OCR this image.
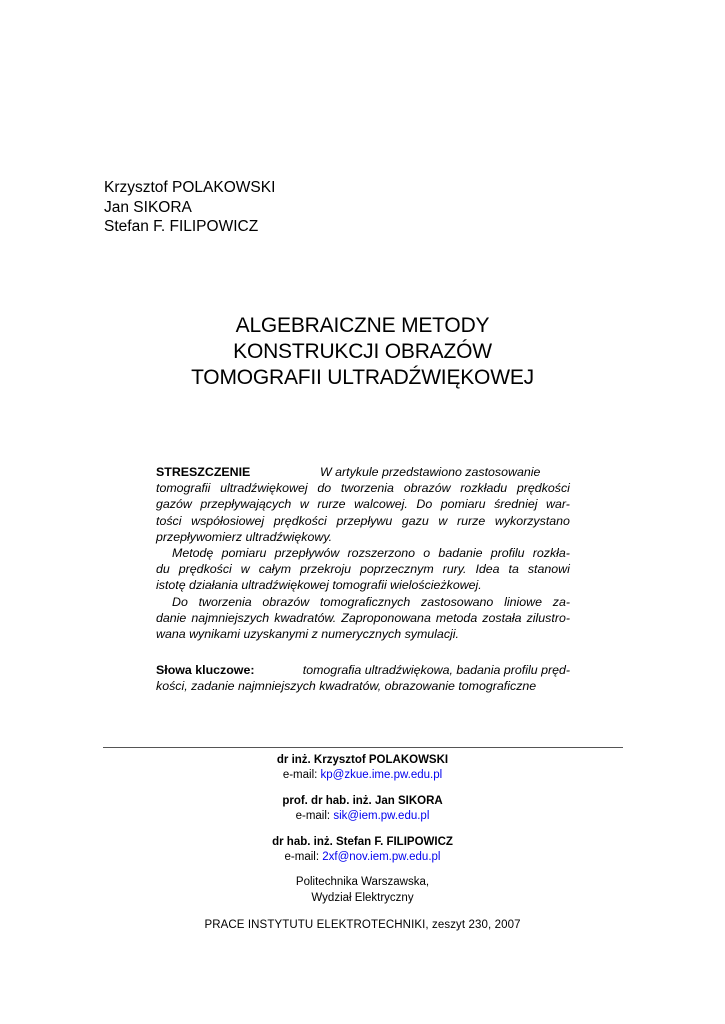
Krzysztof POLAKOWSKI
Jan SIKORA
Stefan F. FILIPOWICZ
ALGEBRAICZNE METODY
KONSTRUKCJI OBRAZÓW
TOMOGRAFII ULTRADŹWIĘKOWEJ
STRESZCZENIE	W artykule przedstawiono zastosowanie
tomografii ultradźwiękowej do tworzenia obrazów rozkładu prędkości
gazów przepływających w rurze walcowej. Do pomiaru średniej war-
tości współosiowej prędkości przepływu gazu w rurze wykorzystano
przepływomierz ultradźwiękowy.
Metodę pomiaru przepływów rozszerzono o badanie profilu rozkła-
du prędkości w całym przekroju poprzecznym rury. Idea ta stanowi
istotę działania ultradźwiękowej tomografii wielościeżkowej.
Do tworzenia obrazów tomograficznych zastosowano liniowe za-
danie najmniejszych kwadratów. Zaproponowana metoda została zilustro-
wana wynikami uzyskanymi z numerycznych symulacji.
Słowa kluczowe:	tomografia ultradźwiękowa, badania profilu pręd-
kości, zadanie najmniejszych kwadratów, obrazowanie tomograficzne
dr inż. Krzysztof POLAKOWSKI
e-mail: kp@zkue.ime.pw.edu.pl
prof. dr hab. inż. Jan SIKORA
e-mail: sik@iem.pw.edu.pl
dr hab. inż. Stefan F. FILIPOWICZ
e-mail: 2xf@nov.iem.pw.edu.pl
Politechnika Warszawska,
Wydział Elektryczny
PRACE INSTYTUTU ELEKTROTECHNIKI, zeszyt 230, 2007
